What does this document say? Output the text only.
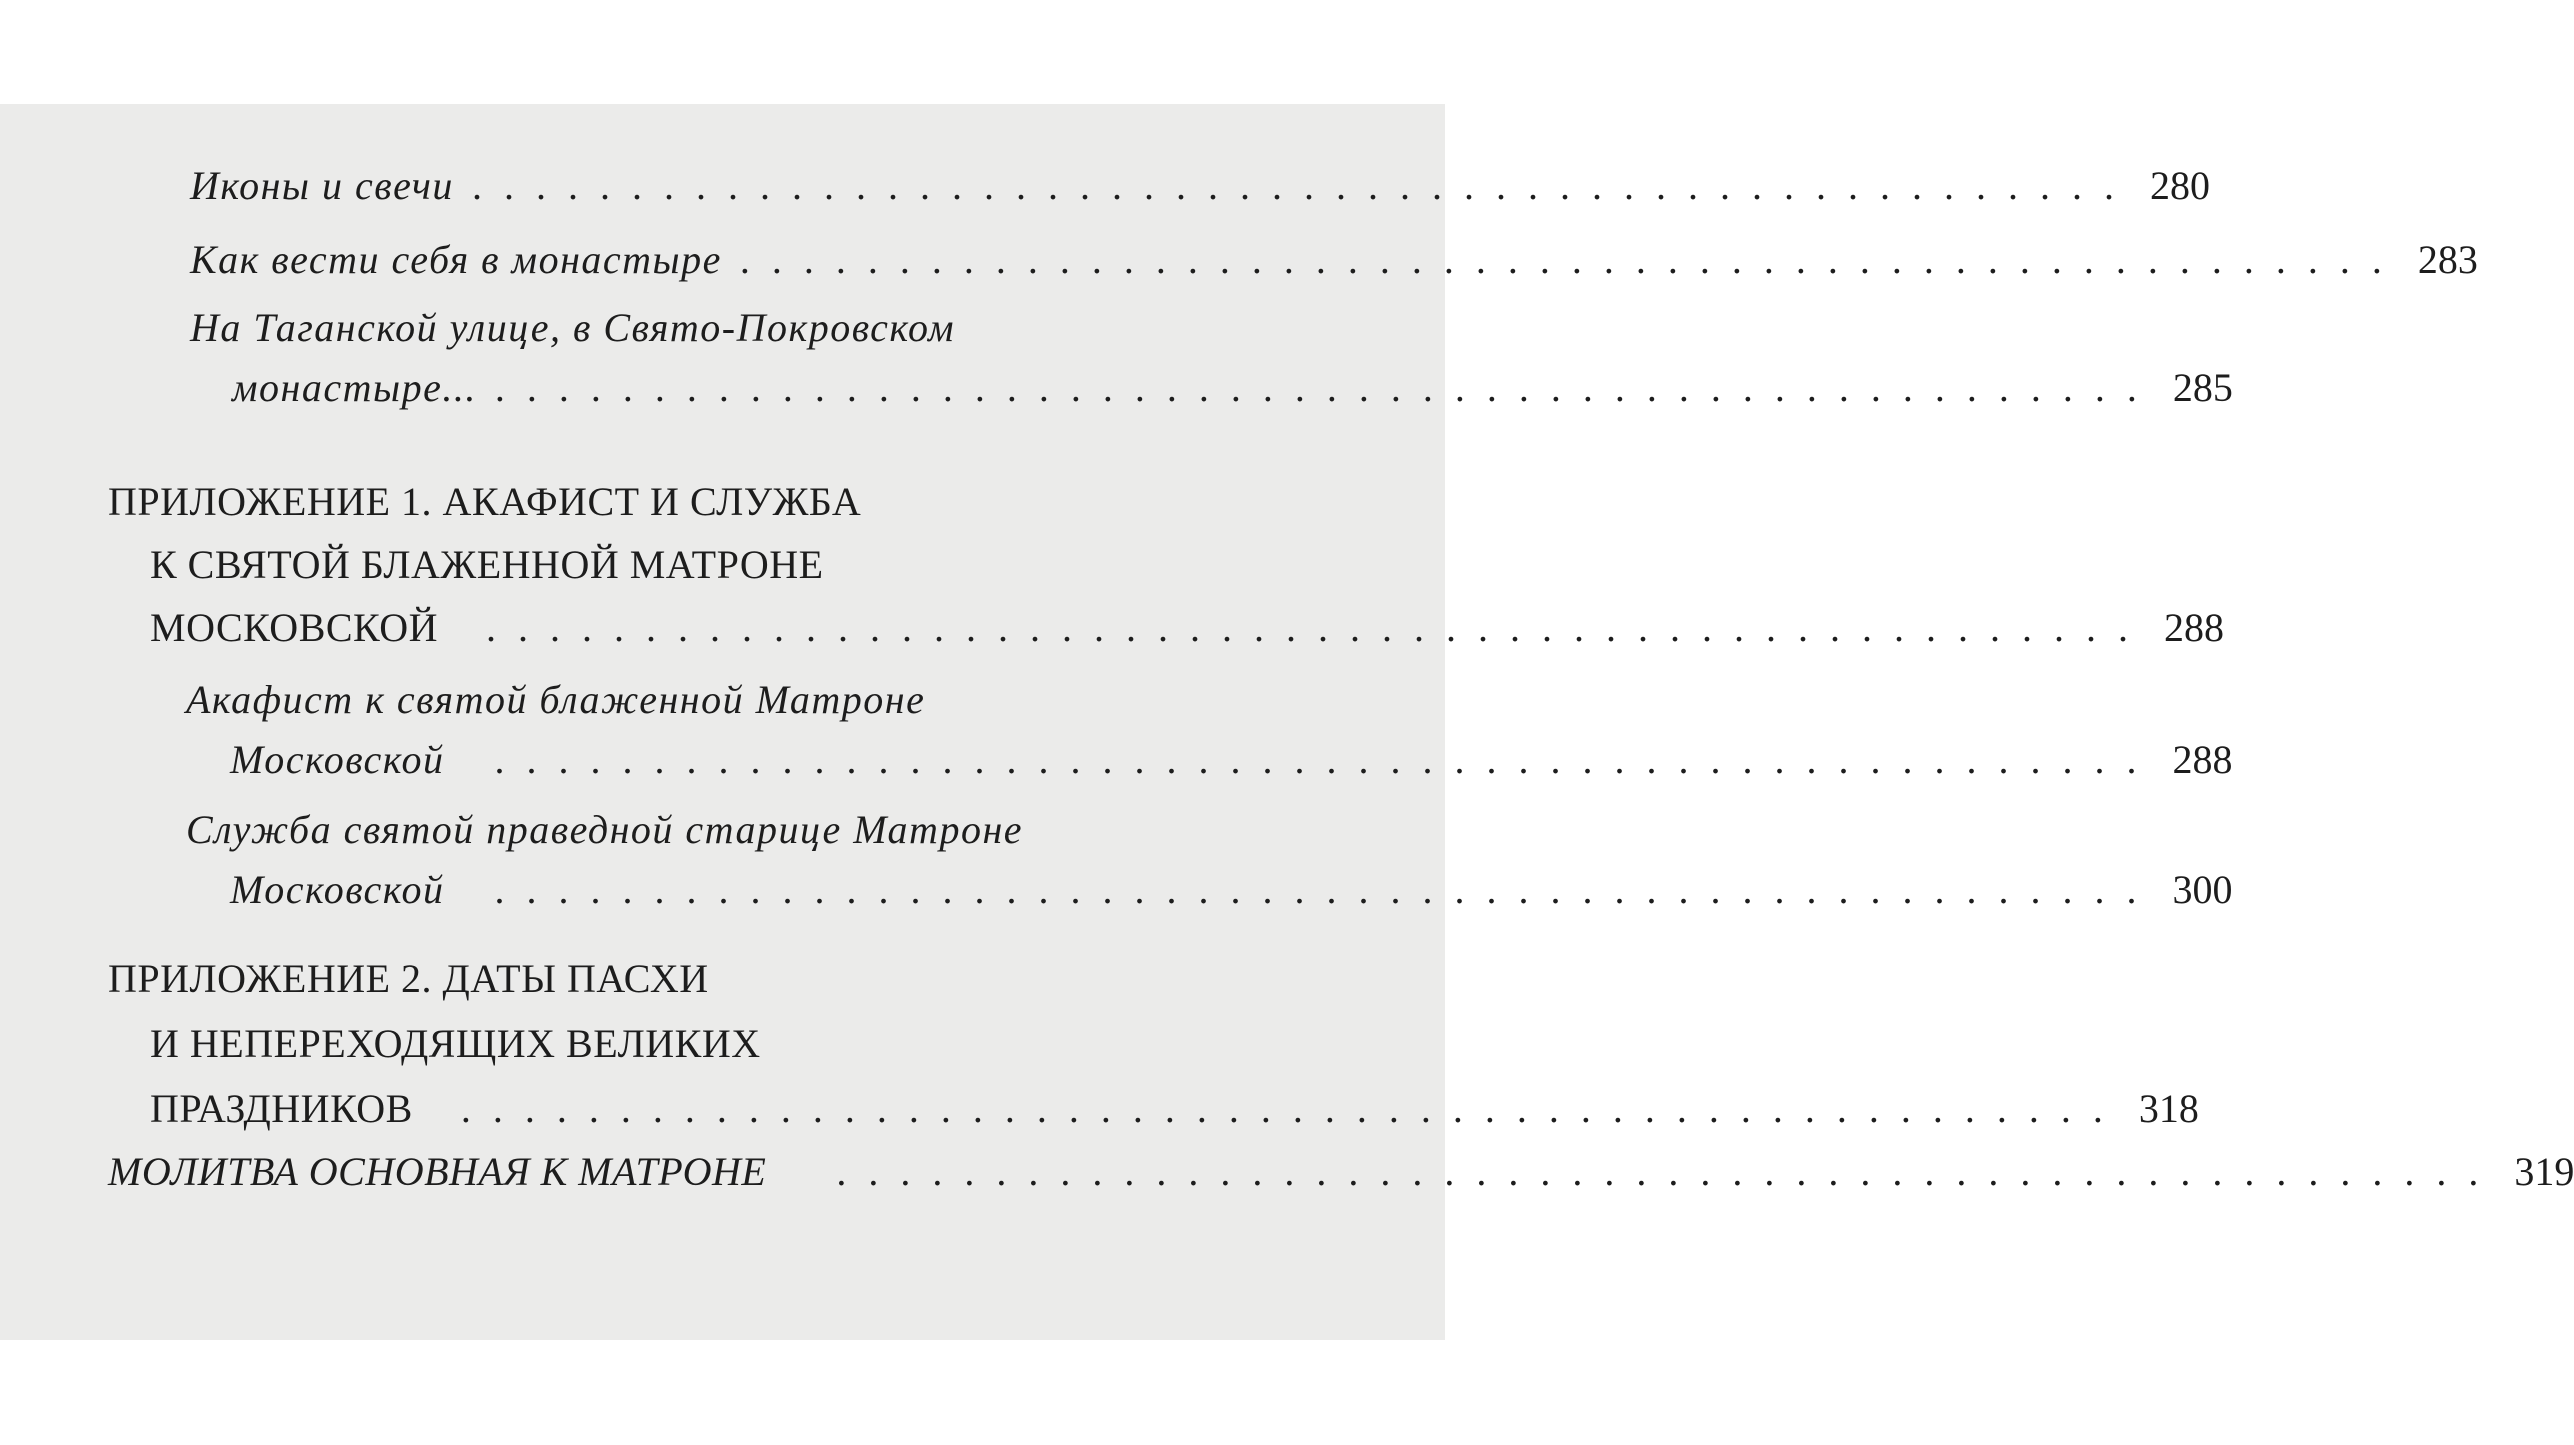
Иконы и свечи . . . . . . . . . . . . . . . . . . . . . . . . . . . . . . . . . . . . . . . . . . . . . . . . . . . . 280
Как вести себя в монастыре . . . . . . . . . . . . . . . . . . . . . . . . . . . . . . . . . . . . . . . . . . . . . . . . . . . . 283
На Таганской улице, в Свято-Покровском
монастыре... . . . . . . . . . . . . . . . . . . . . . . . . . . . . . . . . . . . . . . . . . . . . . . . . . . . . 285
ПРИЛОЖЕНИЕ 1. АКАФИСТ И СЛУЖБА
К СВЯТОЙ БЛАЖЕННОЙ МАТРОНЕ
МОСКОВСКОЙ . . . . . . . . . . . . . . . . . . . . . . . . . . . . . . . . . . . . . . . . . . . . . . . . . . . . 288
Акафист к святой блаженной Матроне
Московской . . . . . . . . . . . . . . . . . . . . . . . . . . . . . . . . . . . . . . . . . . . . . . . . . . . . 288
Служба святой праведной старице Матроне
Московской . . . . . . . . . . . . . . . . . . . . . . . . . . . . . . . . . . . . . . . . . . . . . . . . . . . . 300
ПРИЛОЖЕНИЕ 2. ДАТЫ ПАСХИ
И НЕПЕРЕХОДЯЩИХ ВЕЛИКИХ
ПРАЗДНИКОВ . . . . . . . . . . . . . . . . . . . . . . . . . . . . . . . . . . . . . . . . . . . . . . . . . . . . 318
МОЛИТВА ОСНОВНАЯ К МАТРОНЕ . . . . . . . . . . . . . . . . . . . . . . . . . . . . . . . . . . . . . . . . . . . . . . . . . . . . 319
